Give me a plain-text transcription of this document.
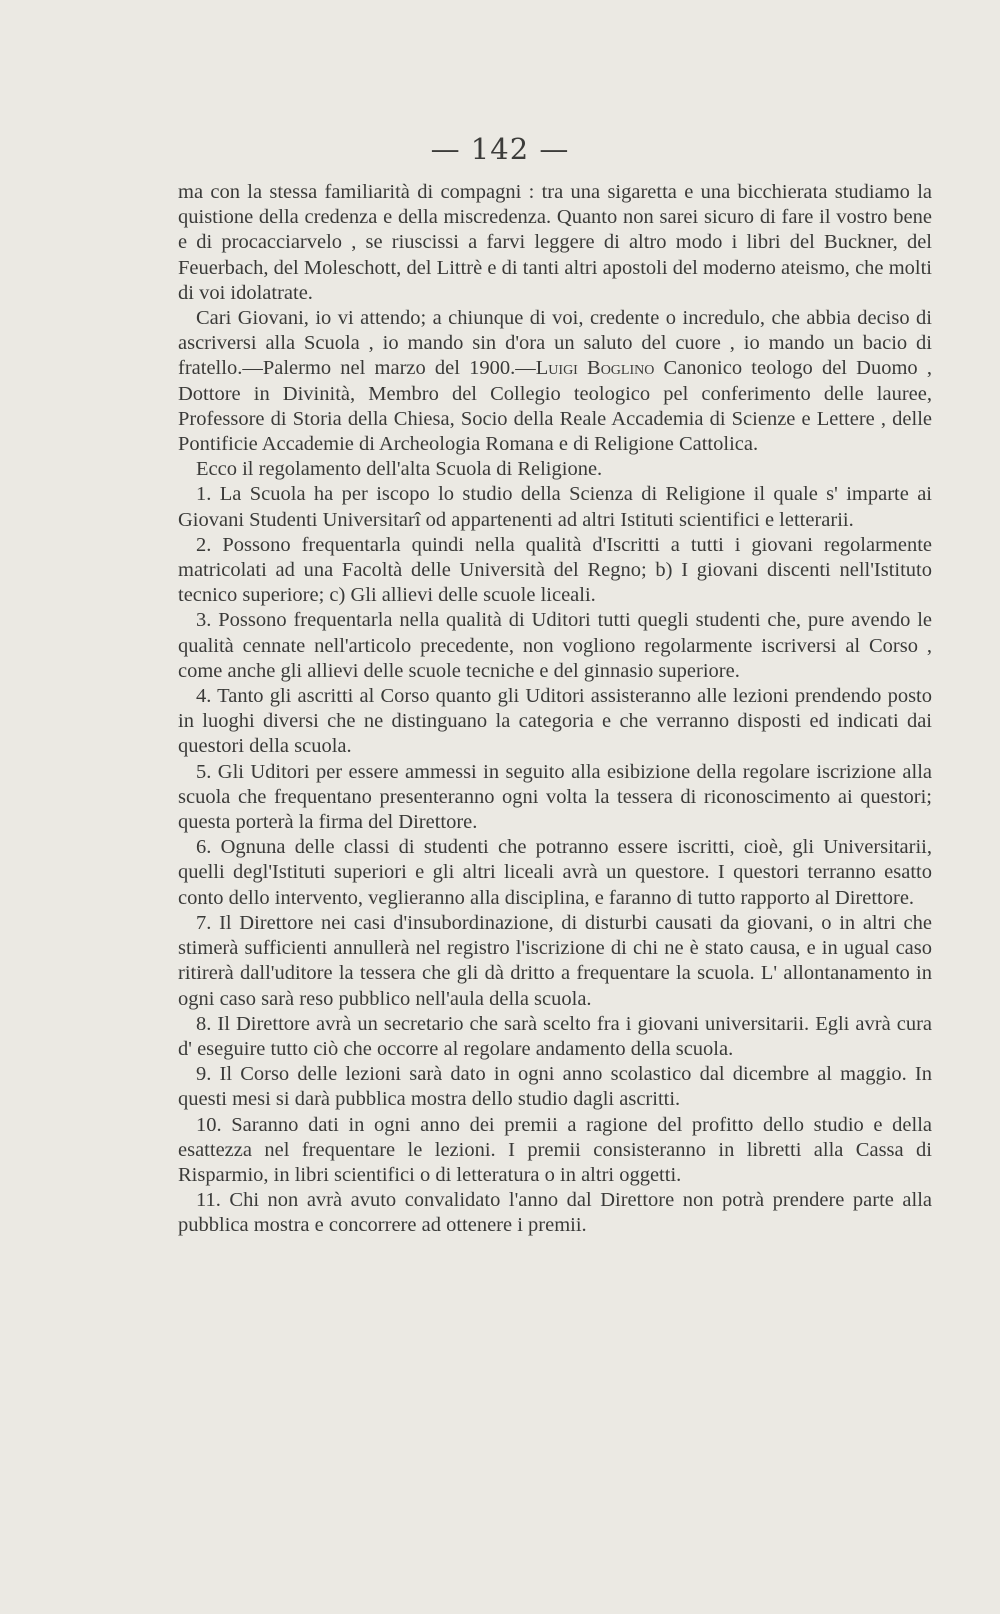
— 142 —

ma con la stessa familiarità di compagni : tra una sigaretta e una bicchierata studiamo la quistione della credenza e della miscredenza. Quanto non sarei sicuro di fare il vostro bene e di procacciarvelo , se riuscissi a farvi leggere di altro modo i libri del Buckner, del Feuerbach, del Moleschott, del Littrè e di tanti altri apostoli del moderno ateismo, che molti di voi idolatrate.

Cari Giovani, io vi attendo; a chiunque di voi, credente o incredulo, che abbia deciso di ascriversi alla Scuola , io mando sin d'ora un saluto del cuore , io mando un bacio di fratello.—Palermo nel marzo del 1900.—Luigi Boglino Canonico teologo del Duomo , Dottore in Divinità, Membro del Collegio teologico pel conferimento delle lauree, Professore di Storia della Chiesa, Socio della Reale Accademia di Scienze e Lettere , delle Pontificie Accademie di Archeologia Romana e di Religione Cattolica.

Ecco il regolamento dell'alta Scuola di Religione.

1. La Scuola ha per iscopo lo studio della Scienza di Religione il quale s' imparte ai Giovani Studenti Universitarî od appartenenti ad altri Istituti scientifici e letterarii.

2. Possono frequentarla quindi nella qualità d'Iscritti a tutti i giovani regolarmente matricolati ad una Facoltà delle Università del Regno; b) I giovani discenti nell'Istituto tecnico superiore; c) Gli allievi delle scuole liceali.

3. Possono frequentarla nella qualità di Uditori tutti quegli studenti che, pure avendo le qualità cennate nell'articolo precedente, non vogliono regolarmente iscriversi al Corso , come anche gli allievi delle scuole tecniche e del ginnasio superiore.

4. Tanto gli ascritti al Corso quanto gli Uditori assisteranno alle lezioni prendendo posto in luoghi diversi che ne distinguano la categoria e che verranno disposti ed indicati dai questori della scuola.

5. Gli Uditori per essere ammessi in seguito alla esibizione della regolare iscrizione alla scuola che frequentano presenteranno ogni volta la tessera di riconoscimento ai questori; questa porterà la firma del Direttore.

6. Ognuna delle classi di studenti che potranno essere iscritti, cioè, gli Universitarii, quelli degl'Istituti superiori e gli altri liceali avrà un questore. I questori terranno esatto conto dello intervento, veglieranno alla disciplina, e faranno di tutto rapporto al Direttore.

7. Il Direttore nei casi d'insubordinazione, di disturbi causati da giovani, o in altri che stimerà sufficienti annullerà nel registro l'iscrizione di chi ne è stato causa, e in ugual caso ritirerà dall'uditore la tessera che gli dà dritto a frequentare la scuola. L' allontanamento in ogni caso sarà reso pubblico nell'aula della scuola.

8. Il Direttore avrà un secretario che sarà scelto fra i giovani universitarii. Egli avrà cura d' eseguire tutto ciò che occorre al regolare andamento della scuola.

9. Il Corso delle lezioni sarà dato in ogni anno scolastico dal dicembre al maggio. In questi mesi si darà pubblica mostra dello studio dagli ascritti.

10. Saranno dati in ogni anno dei premii a ragione del profitto dello studio e della esattezza nel frequentare le lezioni. I premii consisteranno in libretti alla Cassa di Risparmio, in libri scientifici o di letteratura o in altri oggetti.

11. Chi non avrà avuto convalidato l'anno dal Direttore non potrà prendere parte alla pubblica mostra e concorrere ad ottenere i premii.
